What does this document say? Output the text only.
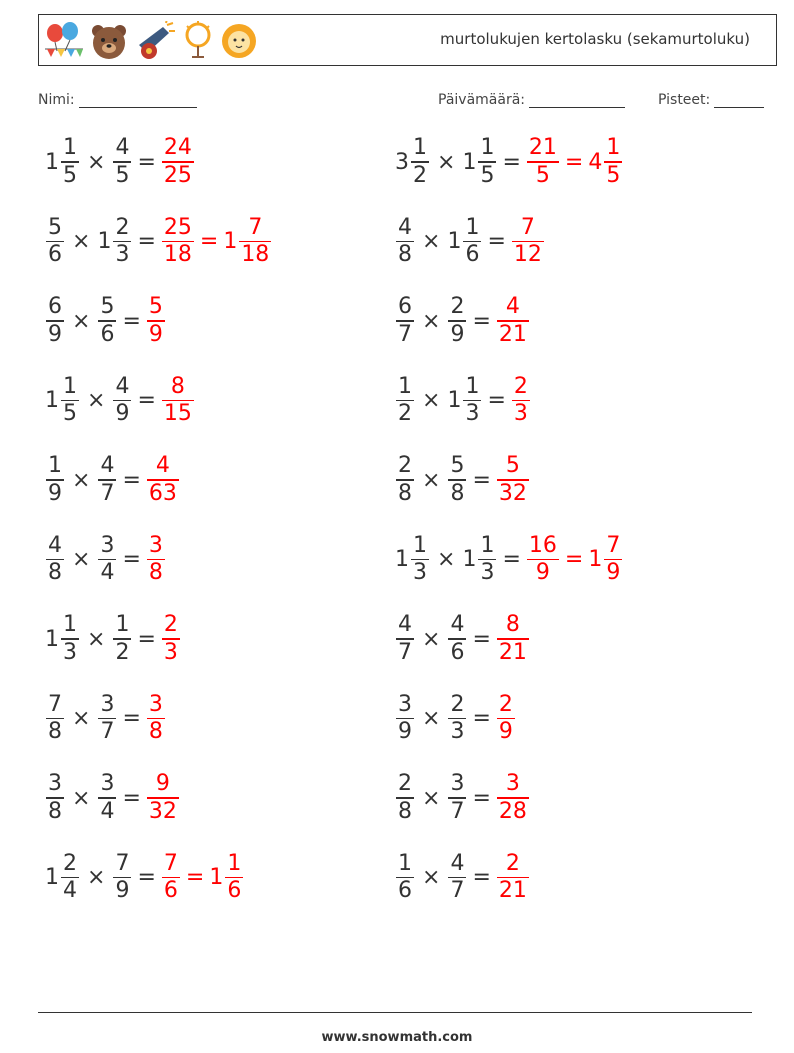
murtolukujen kertolasku (sekamurtoluku)
Nimi:	Päivämäärä:	Pisteet:
$1 \frac{1}{5} \times \frac{4}{5} = \frac{24}{25}$	$3 \frac{1}{2} \times 1 \frac{1}{5} = \frac{21}{5} = 4 \frac{1}{5}$
$\frac{5}{6} \times 1 \frac{2}{3} = \frac{25}{18} = 1 \frac{7}{18}$	$\frac{4}{8} \times 1 \frac{1}{6} = \frac{7}{12}$
$\frac{6}{9} \times \frac{5}{6} = \frac{5}{9}$	$\frac{6}{7} \times \frac{2}{9} = \frac{4}{21}$
$1 \frac{1}{5} \times \frac{4}{9} = \frac{8}{15}$	$\frac{1}{2} \times 1 \frac{1}{3} = \frac{2}{3}$
$\frac{1}{9} \times \frac{4}{7} = \frac{4}{63}$	$\frac{2}{8} \times \frac{5}{8} = \frac{5}{32}$
$\frac{4}{8} \times \frac{3}{4} = \frac{3}{8}$	$1 \frac{1}{3} \times 1 \frac{1}{3} = \frac{16}{9} = 1 \frac{7}{9}$
$1 \frac{1}{3} \times \frac{1}{2} = \frac{2}{3}$	$\frac{4}{7} \times \frac{4}{6} = \frac{8}{21}$
$\frac{7}{8} \times \frac{3}{7} = \frac{3}{8}$	$\frac{3}{9} \times \frac{2}{3} = \frac{2}{9}$
$\frac{3}{8} \times \frac{3}{4} = \frac{9}{32}$	$\frac{2}{8} \times \frac{3}{7} = \frac{3}{28}$
$1 \frac{2}{4} \times \frac{7}{9} = \frac{7}{6} = 1 \frac{1}{6}$	$\frac{1}{6} \times \frac{4}{7} = \frac{2}{21}$
www.snowmath.com
